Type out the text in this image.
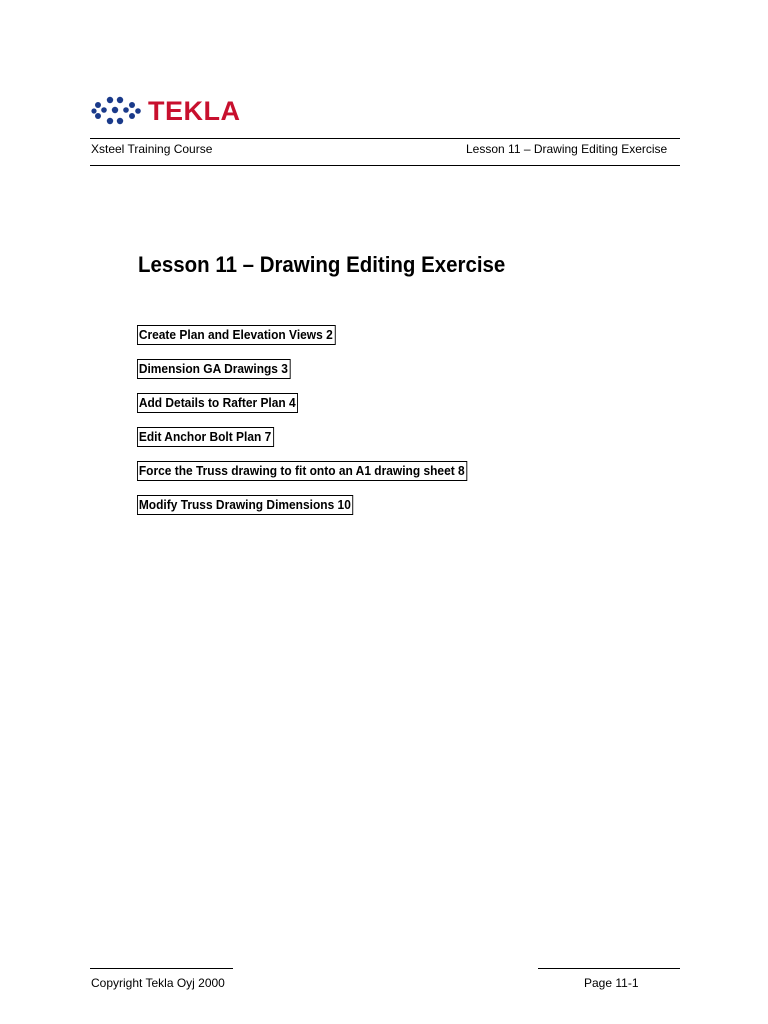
TEKLA
Xsteel Training Course	Lesson 11 – Drawing Editing Exercise
Lesson 11 – Drawing Editing Exercise
Create Plan and Elevation Views 2
Dimension GA Drawings 3
Add Details to Rafter Plan 4
Edit Anchor Bolt Plan 7
Force the Truss drawing to fit onto an A1 drawing sheet 8
Modify Truss Drawing Dimensions 10
Copyright Tekla Oyj 2000	Page 11-1
